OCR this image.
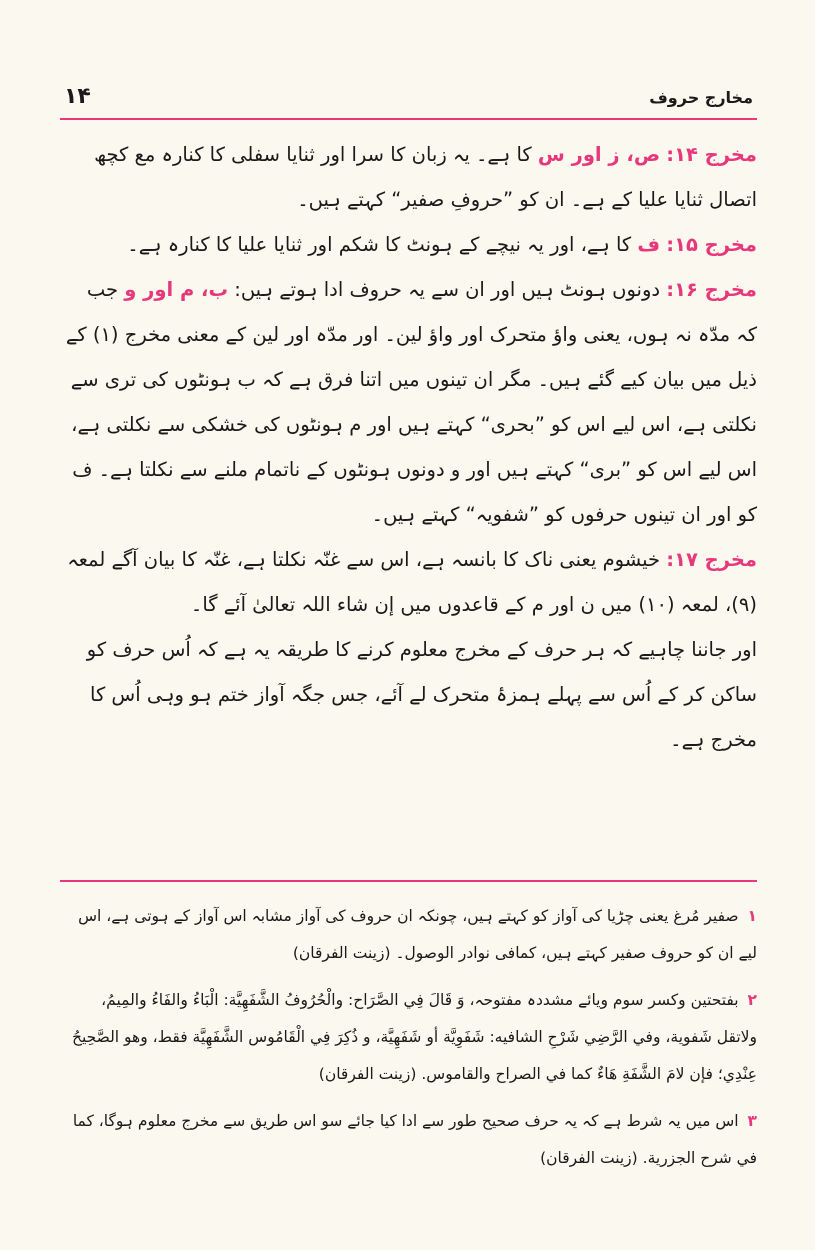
۱۴	مخارج حروف

مخرج ۱۴: ص، ز اور س کا ہے۔ یہ زبان کا سرا اور ثنایا سفلی کا کنارہ مع کچھ اتصال ثنایا علیا کے ہے۔ ان کو ”حروفِ صفیر“ کہتے ہیں۔

مخرج ۱۵: ف کا ہے، اور یہ نیچے کے ہونٹ کا شکم اور ثنایا علیا کا کنارہ ہے۔

مخرج ۱۶: دونوں ہونٹ ہیں اور ان سے یہ حروف ادا ہوتے ہیں: ب، م اور و جب کہ مدّہ نہ ہوں، یعنی واؤ متحرک اور واؤ لین۔ اور مدّہ اور لین کے معنی مخرج (۱) کے ذیل میں بیان کیے گئے ہیں۔ مگر ان تینوں میں اتنا فرق ہے کہ ب ہونٹوں کی تری سے نکلتی ہے، اس لیے اس کو ”بحری“ کہتے ہیں اور م ہونٹوں کی خشکی سے نکلتی ہے، اس لیے اس کو ”بری“ کہتے ہیں اور و دونوں ہونٹوں کے ناتمام ملنے سے نکلتا ہے۔ ف کو اور ان تینوں حرفوں کو ”شفویہ“ کہتے ہیں۔

مخرج ۱۷: خیشوم یعنی ناک کا بانسہ ہے، اس سے غنّہ نکلتا ہے، غنّہ کا بیان آگے لمعہ (۹)، لمعہ (۱۰) میں ن اور م کے قاعدوں میں إن شاء اللہ تعالیٰ آئے گا۔

اور جاننا چاہیے کہ ہر حرف کے مخرج معلوم کرنے کا طریقہ یہ ہے کہ اُس حرف کو ساکن کر کے اُس سے پہلے ہمزۂ متحرک لے آئے، جس جگہ آواز ختم ہو وہی اُس کا مخرج ہے۔

۱ صفیر مُرغ یعنی چڑیا کی آواز کو کہتے ہیں، چونکہ ان حروف کی آواز مشابہ اس آواز کے ہوتی ہے، اس لیے ان کو حروف صفیر کہتے ہیں، کمافی نوادر الوصول۔ (زینت الفرقان)

۲ بفتحتین وکسر سوم ویائے مشددہ مفتوحہ، وَ قَالَ فِي الصَّرَاح: والْحُرُوفُ الشَّفَهِيَّة: الْبَاءُ والفَاءُ والمِيمُ، ولاتقل شَفوية، وفي الرَّضِي شَرْحِ الشافيه: شَفَوِيَّة أو شَفَهِيَّة، و ذُكِرَ فِي الْقَامُوس الشَّفَهِيَّة فقط، وهو الصَّحِيحُ عِنْدِي؛ فإن لامَ الشَّفَةِ هَاءٌ كما في الصراح والقاموس. (زينت الفرقان)

۳ اس میں یہ شرط ہے کہ یہ حرف صحیح طور سے ادا کیا جائے سو اس طریق سے مخرج معلوم ہوگا، کما في شرح الجزرية. (زينت الفرقان)
